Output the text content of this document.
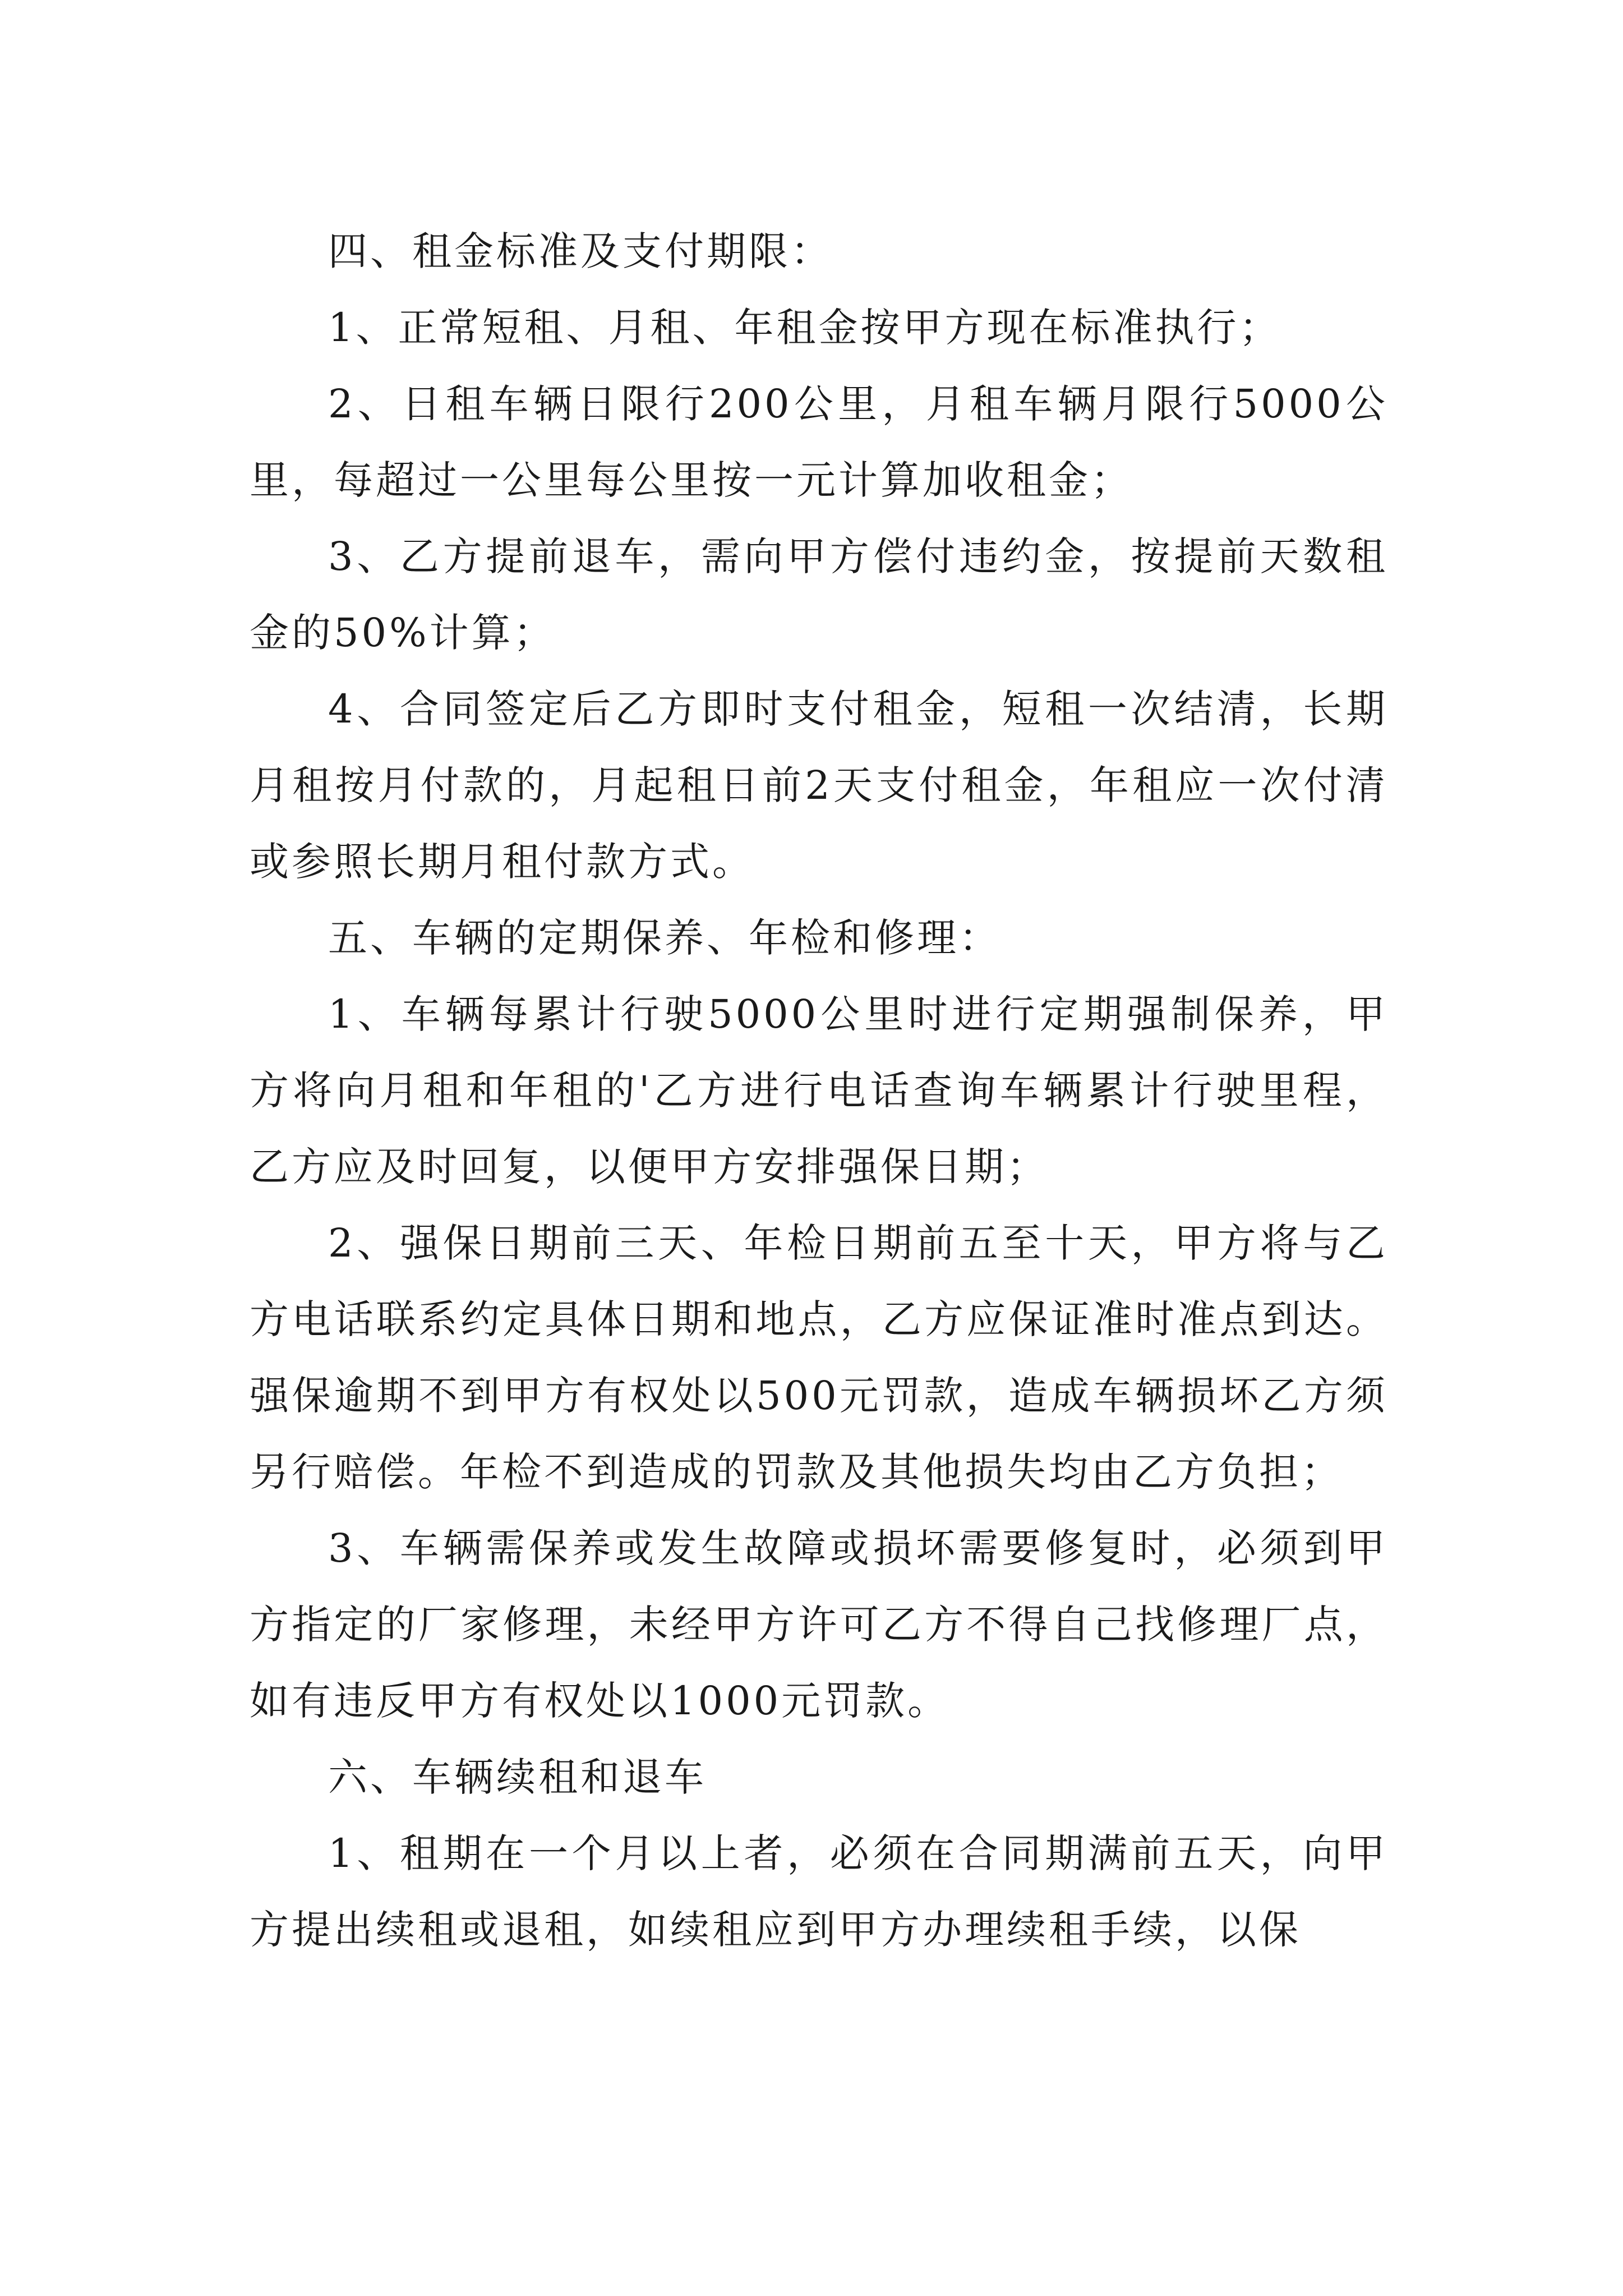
四、租金标准及支付期限：

1、正常短租、月租、年租金按甲方现在标准执行；

2、日租车辆日限行200公里，月租车辆月限行5000公里，每超过一公里每公里按一元计算加收租金；

3、乙方提前退车，需向甲方偿付违约金，按提前天数租金的50%计算；

4、合同签定后乙方即时支付租金，短租一次结清，长期月租按月付款的，月起租日前2天支付租金，年租应一次付清或参照长期月租付款方式。

五、车辆的定期保养、年检和修理：

1、车辆每累计行驶5000公里时进行定期强制保养，甲方将向月租和年租的'乙方进行电话查询车辆累计行驶里程，乙方应及时回复，以便甲方安排强保日期；

2、强保日期前三天、年检日期前五至十天，甲方将与乙方电话联系约定具体日期和地点，乙方应保证准时准点到达。强保逾期不到甲方有权处以500元罚款，造成车辆损坏乙方须另行赔偿。年检不到造成的罚款及其他损失均由乙方负担；

3、车辆需保养或发生故障或损坏需要修复时，必须到甲方指定的厂家修理，未经甲方许可乙方不得自己找修理厂点，如有违反甲方有权处以1000元罚款。

六、车辆续租和退车

1、租期在一个月以上者，必须在合同期满前五天，向甲方提出续租或退租，如续租应到甲方办理续租手续，以保
